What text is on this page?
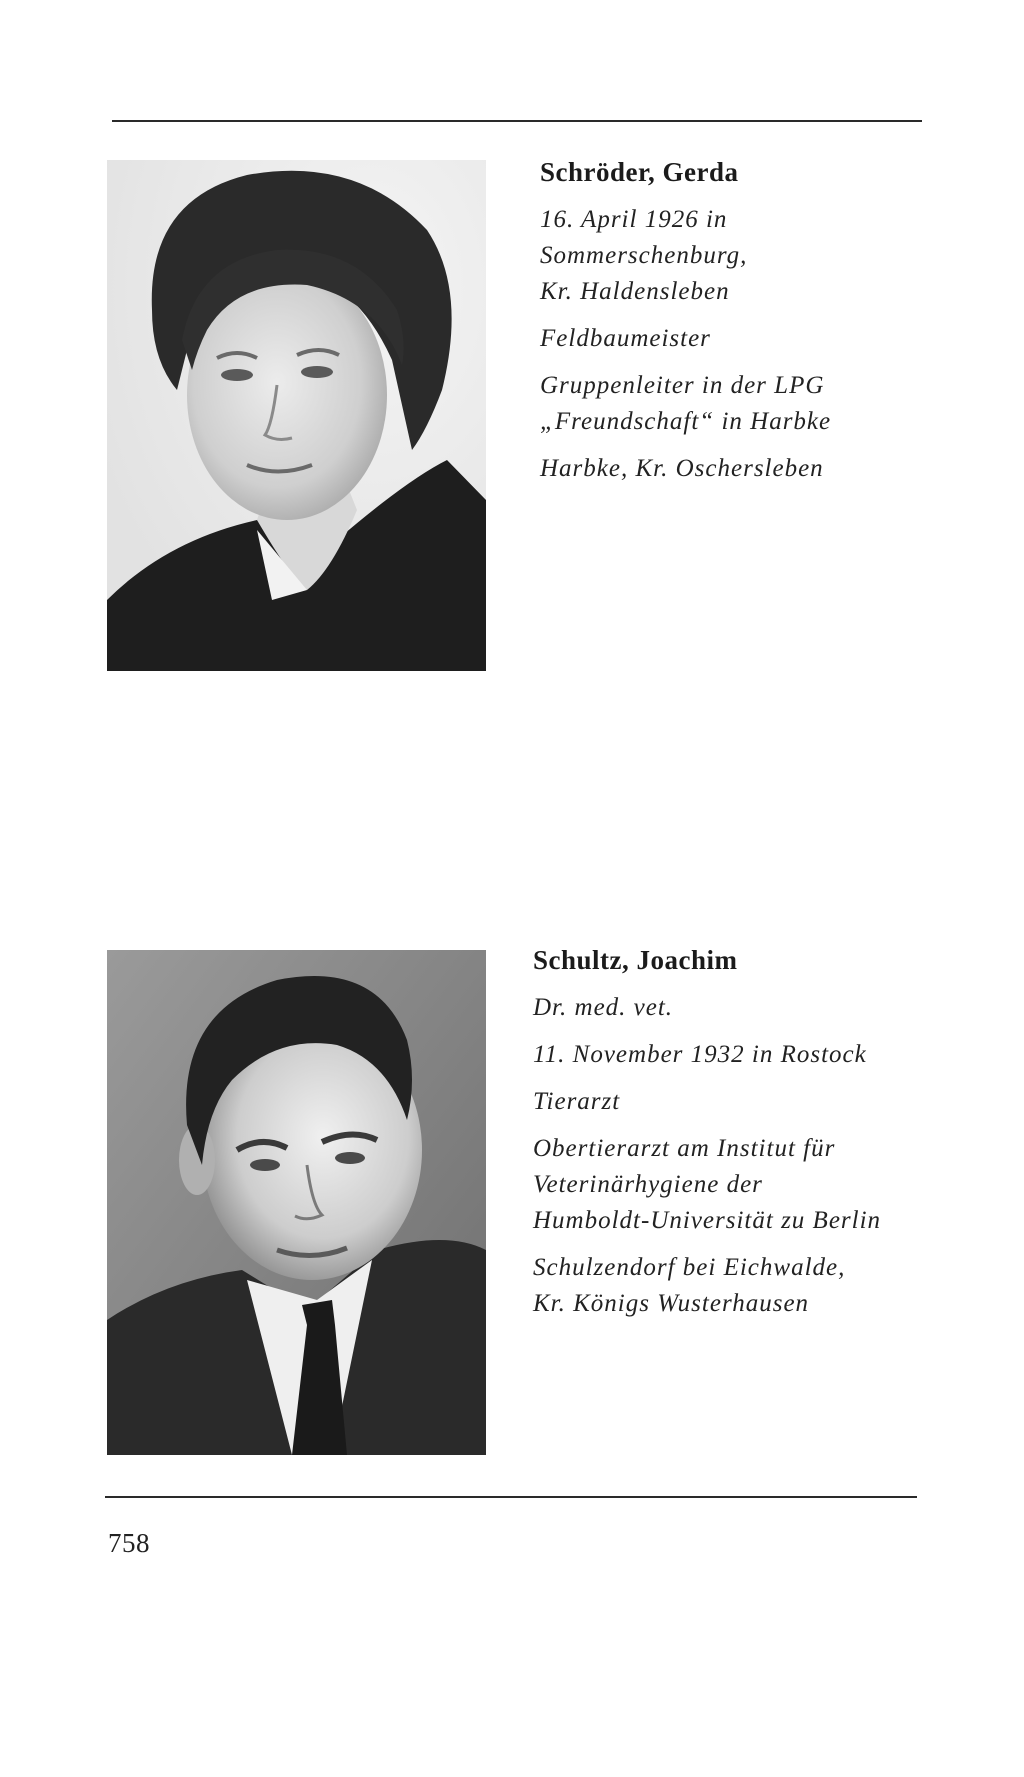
Schröder, Gerda
16. April 1926 in
Sommerschenburg,
Kr. Haldensleben
Feldbaumeister
Gruppenleiter in der LPG
„Freundschaft“ in Harbke
Harbke, Kr. Oschersleben
Schultz, Joachim
Dr. med. vet.
11. November 1932 in Rostock
Tierarzt
Obertierarzt am Institut für
Veterinärhygiene der
Humboldt-Universität zu Berlin
Schulzendorf bei Eichwalde,
Kr. Königs Wusterhausen
758
